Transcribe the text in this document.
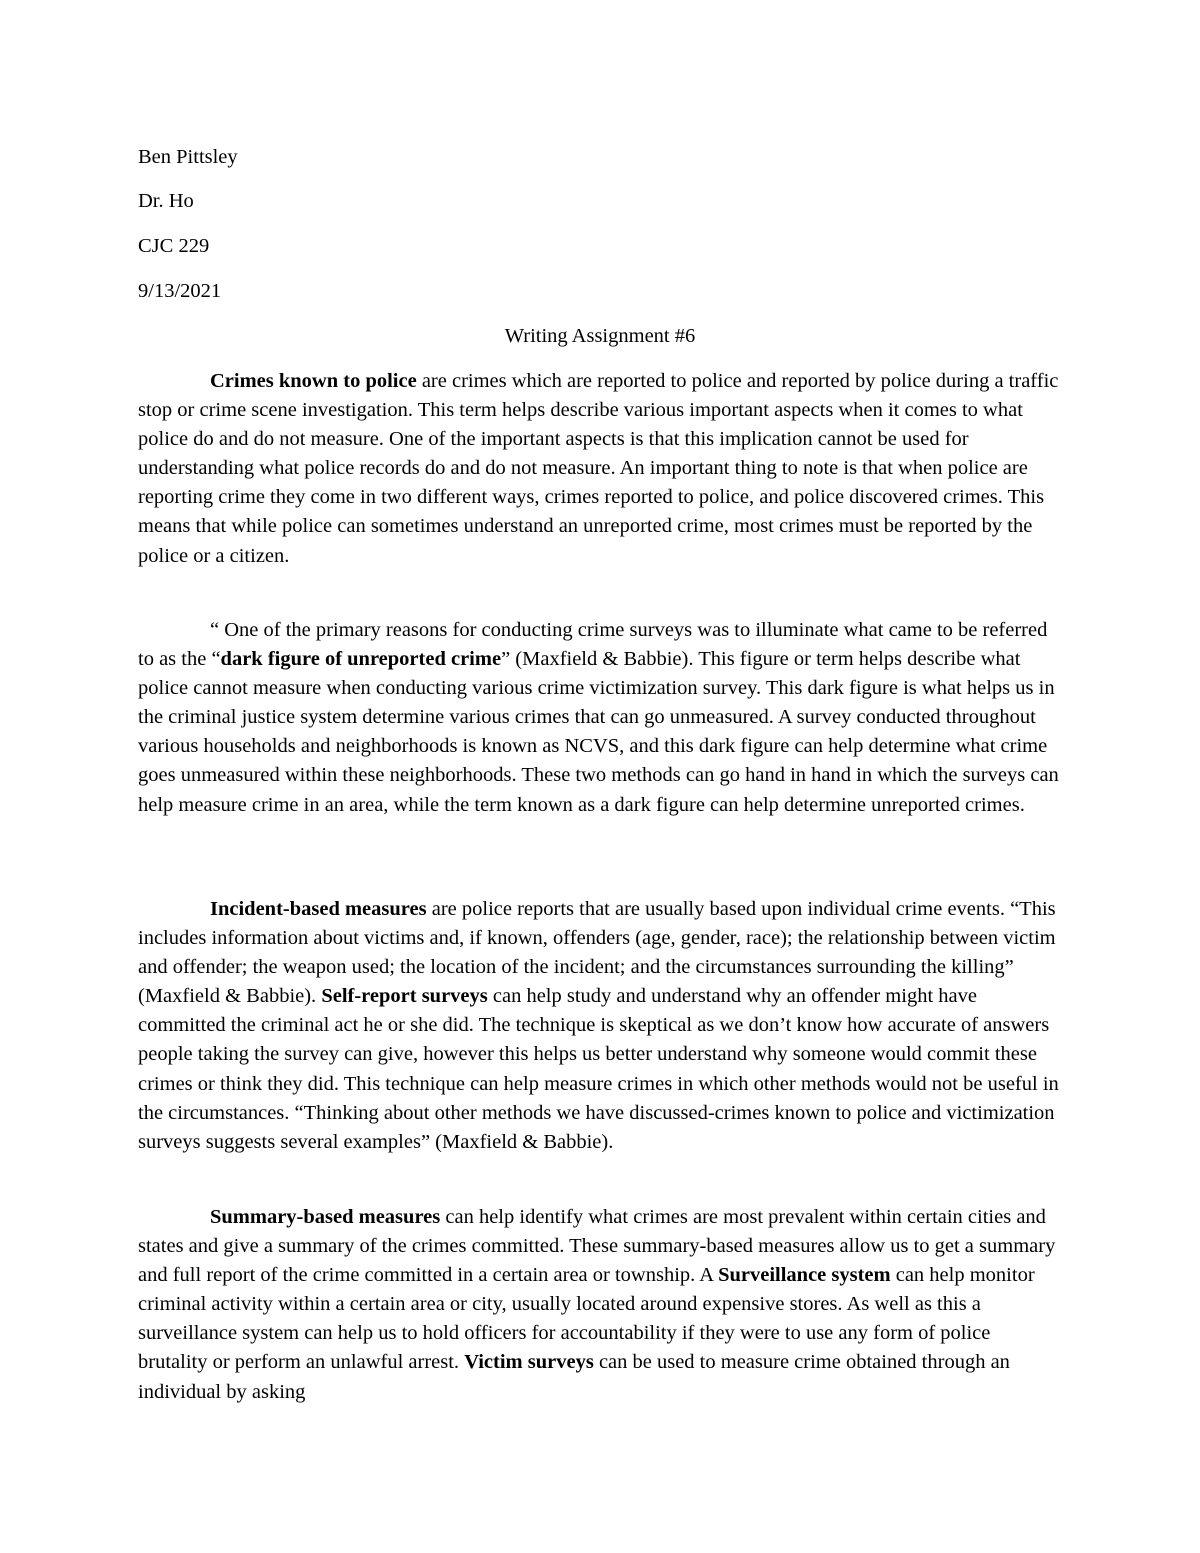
Ben Pittsley

Dr. Ho

CJC 229

9/13/2021

Writing Assignment #6

Crimes known to police are crimes which are reported to police and reported by police during a traffic stop or crime scene investigation. This term helps describe various important aspects when it comes to what police do and do not measure. One of the important aspects is that this implication cannot be used for understanding what police records do and do not measure. An important thing to note is that when police are reporting crime they come in two different ways, crimes reported to police, and police discovered crimes. This means that while police can sometimes understand an unreported crime, most crimes must be reported by the police or a citizen.

“ One of the primary reasons for conducting crime surveys was to illuminate what came to be referred to as the “dark figure of unreported crime” (Maxfield & Babbie). This figure or term helps describe what police cannot measure when conducting various crime victimization survey. This dark figure is what helps us in the criminal justice system determine various crimes that can go unmeasured. A survey conducted throughout various households and neighborhoods is known as NCVS, and this dark figure can help determine what crime goes unmeasured within these neighborhoods. These two methods can go hand in hand in which the surveys can help measure crime in an area, while the term known as a dark figure can help determine unreported crimes.

Incident-based measures are police reports that are usually based upon individual crime events. “This includes information about victims and, if known, offenders (age, gender, race); the relationship between victim and offender; the weapon used; the location of the incident; and the circumstances surrounding the killing” (Maxfield & Babbie). Self-report surveys can help study and understand why an offender might have committed the criminal act he or she did. The technique is skeptical as we don’t know how accurate of answers people taking the survey can give, however this helps us better understand why someone would commit these crimes or think they did. This technique can help measure crimes in which other methods would not be useful in the circumstances. “Thinking about other methods we have discussed-crimes known to police and victimization surveys suggests several examples” (Maxfield & Babbie).

Summary-based measures can help identify what crimes are most prevalent within certain cities and states and give a summary of the crimes committed. These summary-based measures allow us to get a summary and full report of the crime committed in a certain area or township. A Surveillance system can help monitor criminal activity within a certain area or city, usually located around expensive stores. As well as this a surveillance system can help us to hold officers for accountability if they were to use any form of police brutality or perform an unlawful arrest. Victim surveys can be used to measure crime obtained through an individual by asking
